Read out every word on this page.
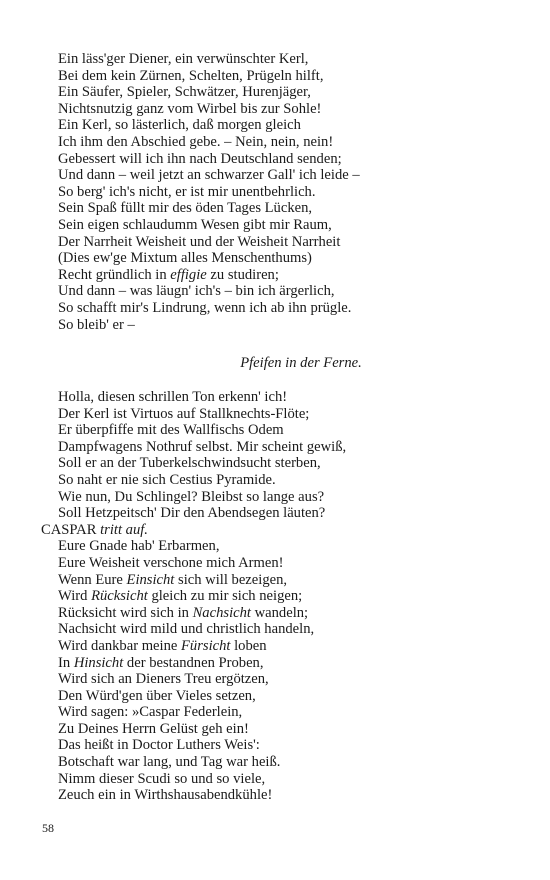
Ein läss'ger Diener, ein verwünschter Kerl,
Bei dem kein Zürnen, Schelten, Prügeln hilft,
Ein Säufer, Spieler, Schwätzer, Hurenjäger,
Nichtsnutzig ganz vom Wirbel bis zur Sohle!
Ein Kerl, so lästerlich, daß morgen gleich
Ich ihm den Abschied gebe. – Nein, nein, nein!
Gebessert will ich ihn nach Deutschland senden;
Und dann – weil jetzt an schwarzer Gall' ich leide –
So berg' ich's nicht, er ist mir unentbehrlich.
Sein Spaß füllt mir des öden Tages Lücken,
Sein eigen schlaudumm Wesen gibt mir Raum,
Der Narrheit Weisheit und der Weisheit Narrheit
(Dies ew'ge Mixtum alles Menschenthums)
Recht gründlich in effigie zu studiren;
Und dann – was läugn' ich's – bin ich ärgerlich,
So schafft mir's Lindrung, wenn ich ab ihn prügle.
So bleib' er –
Pfeifen in der Ferne.
Holla, diesen schrillen Ton erkenn' ich!
Der Kerl ist Virtuos auf Stallknechts-Flöte;
Er überpfiffe mit des Wallfischs Odem
Dampfwagens Nothruf selbst. Mir scheint gewiß,
Soll er an der Tuberkelschwindsucht sterben,
So naht er nie sich Cestius Pyramide.
Wie nun, Du Schlingel? Bleibst so lange aus?
Soll Hetzpeitsch' Dir den Abendsegen läuten?
CASPAR tritt auf.
Eure Gnade hab' Erbarmen,
Eure Weisheit verschone mich Armen!
Wenn Eure Einsicht sich will bezeigen,
Wird Rücksicht gleich zu mir sich neigen;
Rücksicht wird sich in Nachsicht wandeln;
Nachsicht wird mild und christlich handeln,
Wird dankbar meine Fürsicht loben
In Hinsicht der bestandnen Proben,
Wird sich an Dieners Treu ergötzen,
Den Würd'gen über Vieles setzen,
Wird sagen: »Caspar Federlein,
Zu Deines Herrn Gelüst geh ein!
Das heißt in Doctor Luthers Weis':
Botschaft war lang, und Tag war heiß.
Nimm dieser Scudi so und so viele,
Zeuch ein in Wirthshausabendkühle!
58
